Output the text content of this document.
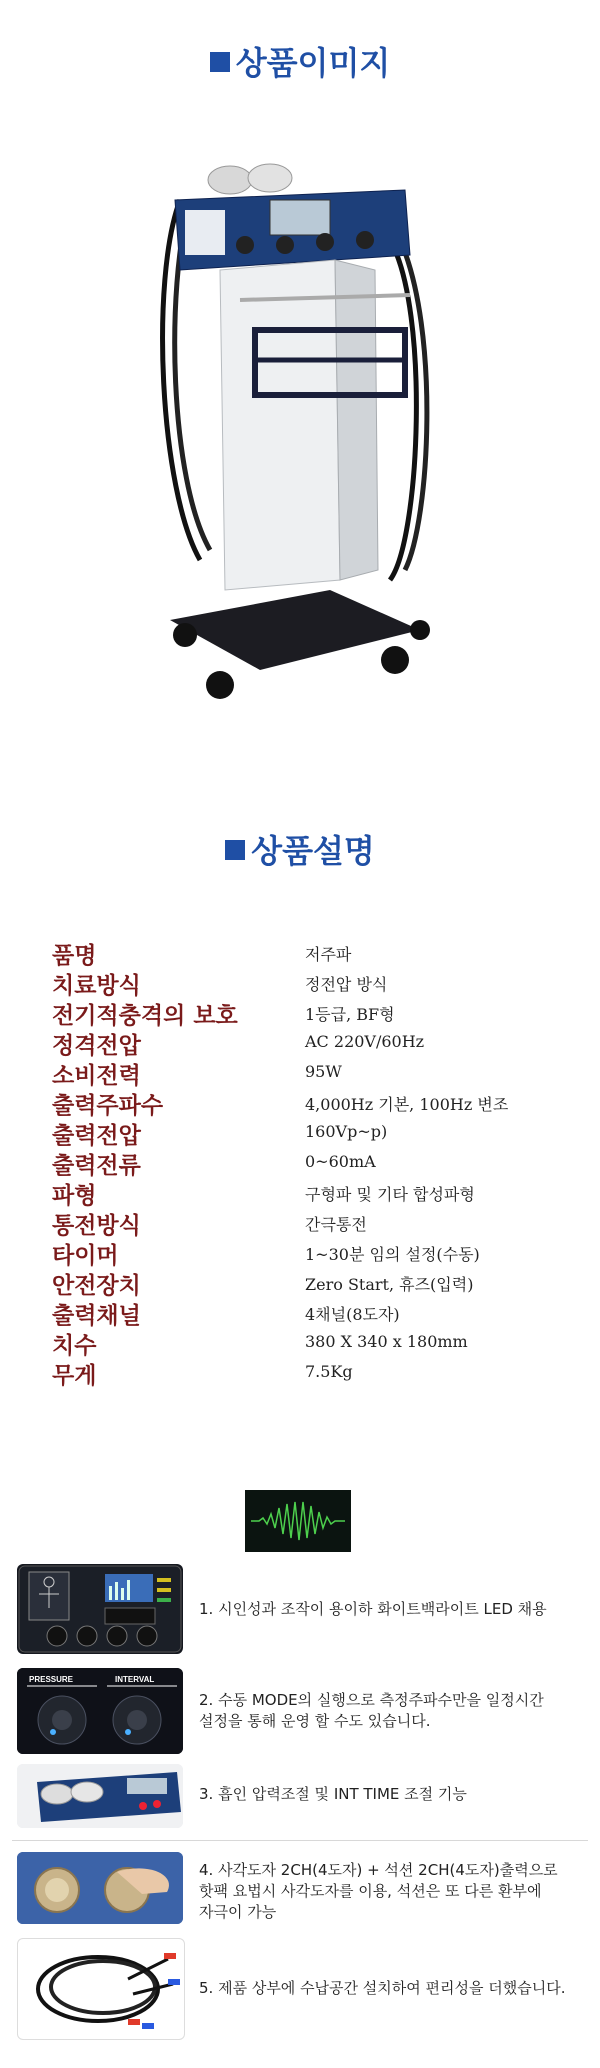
상품이미지
상품설명
품명	저주파
치료방식	정전압 방식
전기적충격의 보호	1등급, BF형
정격전압	AC 220V/60Hz
소비전력	95W
출력주파수	4,000Hz 기본, 100Hz 변조
출력전압	160Vp~p)
출력전류	0~60mA
파형	구형파 및 기타 합성파형
통전방식	간극통전
타이머	1~30분 임의 설정(수동)
안전장치	Zero Start, 휴즈(입력)
출력채널	4채널(8도자)
치수	380 X 340 x 180mm
무게	7.5Kg
1. 시인성과 조작이 용이하 화이트백라이트 LED 채용
PRESSURE	INTERVAL
2. 수동 MODE의 실행으로 측정주파수만을 일정시간
설정을 통해 운영 할 수도 있습니다.
3. 흡인 압력조절 및 INT TIME 조절 기능
4. 사각도자 2CH(4도자) + 석션 2CH(4도자)출력으로
핫팩 요법시 사각도자를 이용, 석션은 또 다른 환부에
자극이 가능
5. 제품 상부에 수납공간 설치하여 편리성을 더했습니다.
